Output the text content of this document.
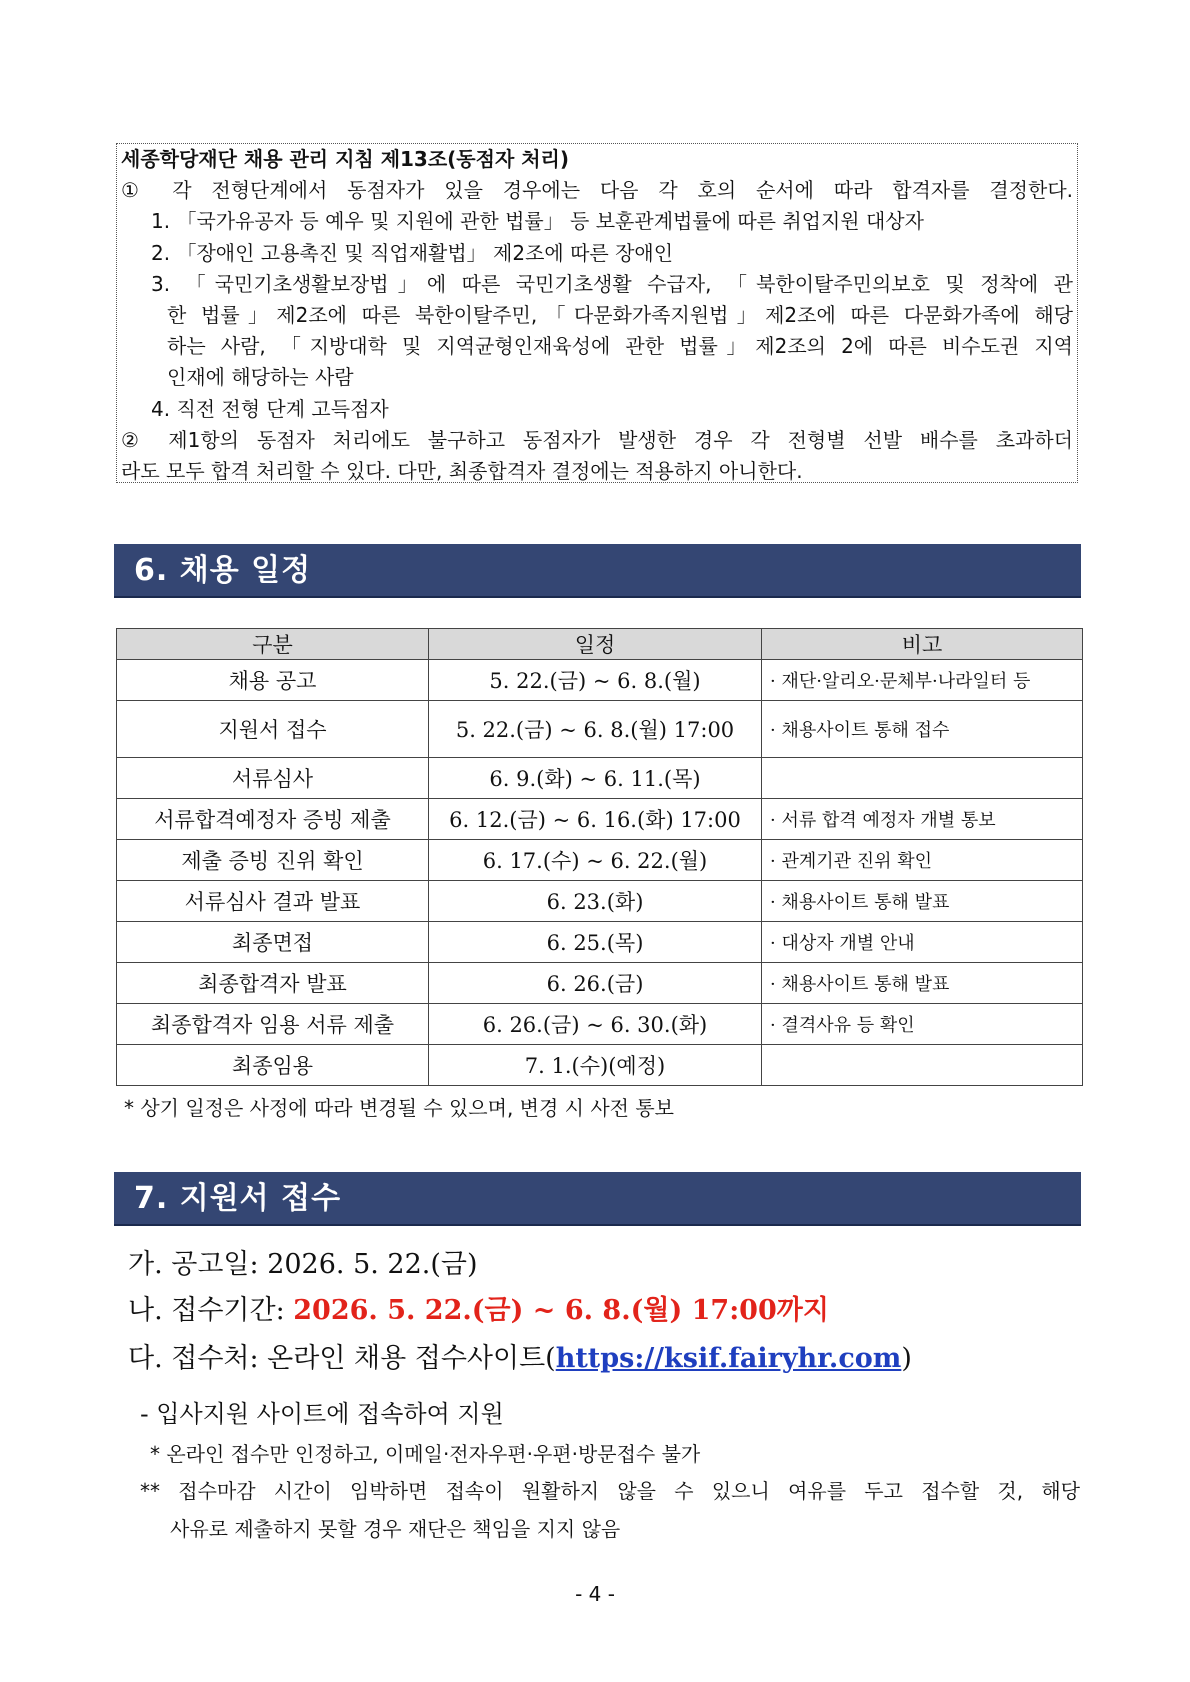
세종학당재단 채용 관리 지침 제13조(동점자 처리)
① 각 전형단계에서 동점자가 있을 경우에는 다음 각 호의 순서에 따라 합격자를 결정한다.
1. 「국가유공자 등 예우 및 지원에 관한 법률」 등 보훈관계법률에 따른 취업지원 대상자
2. 「장애인 고용촉진 및 직업재활법」 제2조에 따른 장애인
3. 「국민기초생활보장법」에 따른 국민기초생활 수급자, 「북한이탈주민의보호 및 정착에 관
한 법률」제2조에 따른 북한이탈주민,「다문화가족지원법」제2조에 따른 다문화가족에 해당
하는 사람, 「지방대학 및 지역균형인재육성에 관한 법률」제2조의 2에 따른 비수도권 지역
인재에 해당하는 사람
4. 직전 전형 단계 고득점자
② 제1항의 동점자 처리에도 불구하고 동점자가 발생한 경우 각 전형별 선발 배수를 초과하더
라도 모두 합격 처리할 수 있다. 다만, 최종합격자 결정에는 적용하지 아니한다.
6. 채용 일정
구분	일정	비고
채용 공고	5. 22.(금) ~ 6. 8.(월)	· 재단·알리오·문체부·나라일터 등
지원서 접수	5. 22.(금) ~ 6. 8.(월) 17:00	· 채용사이트 통해 접수
서류심사	6. 9.(화) ~ 6. 11.(목)	
서류합격예정자 증빙 제출	6. 12.(금) ~ 6. 16.(화) 17:00	· 서류 합격 예정자 개별 통보
제출 증빙 진위 확인	6. 17.(수) ~ 6. 22.(월)	· 관계기관 진위 확인
서류심사 결과 발표	6. 23.(화)	· 채용사이트 통해 발표
최종면접	6. 25.(목)	· 대상자 개별 안내
최종합격자 발표	6. 26.(금)	· 채용사이트 통해 발표
최종합격자 임용 서류 제출	6. 26.(금) ~ 6. 30.(화)	· 결격사유 등 확인
최종임용	7. 1.(수)(예정)	
* 상기 일정은 사정에 따라 변경될 수 있으며, 변경 시 사전 통보
7. 지원서 접수
가. 공고일: 2026. 5. 22.(금)
나. 접수기간: 2026. 5. 22.(금) ~ 6. 8.(월) 17:00까지
다. 접수처: 온라인 채용 접수사이트(https://ksif.fairyhr.com)
- 입사지원 사이트에 접속하여 지원
* 온라인 접수만 인정하고, 이메일·전자우편·우편·방문접수 불가
** 접수마감 시간이 임박하면 접속이 원활하지 않을 수 있으니 여유를 두고 접수할 것, 해당
사유로 제출하지 못할 경우 재단은 책임을 지지 않음
- 4 -
